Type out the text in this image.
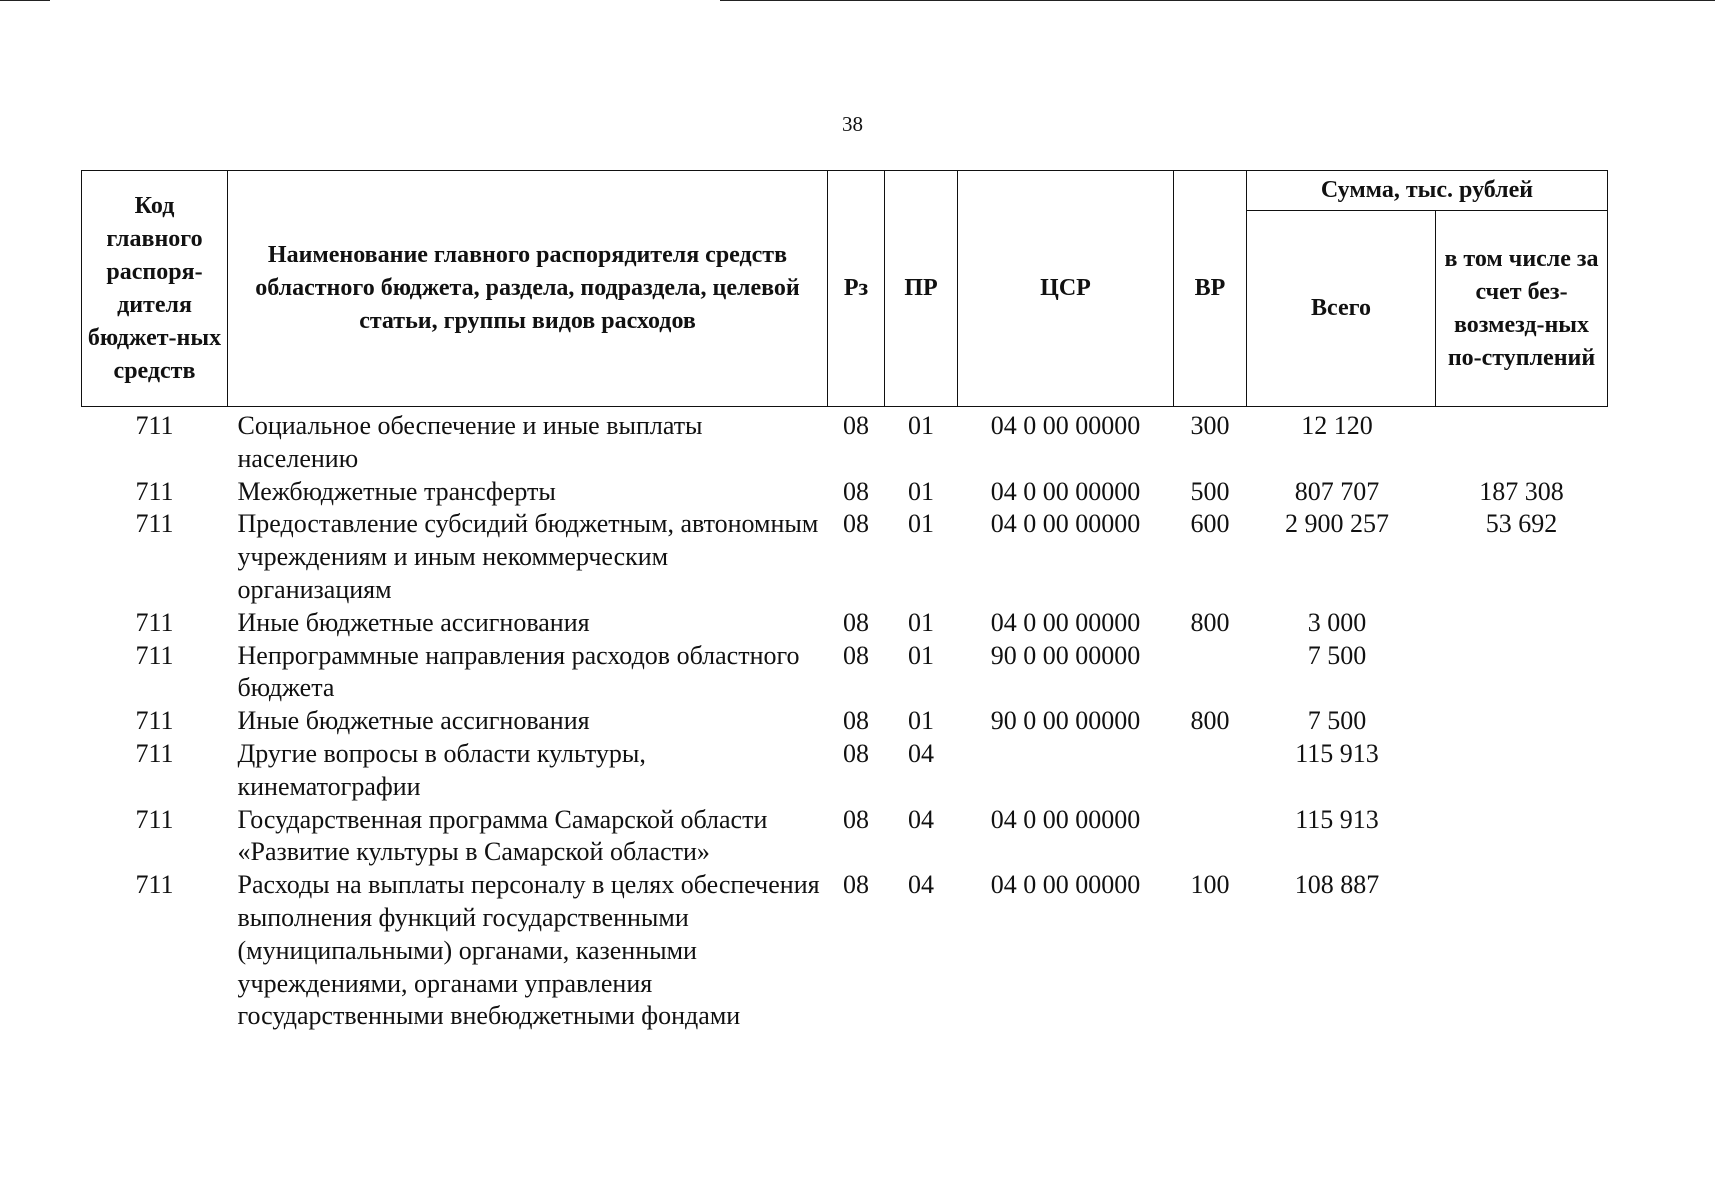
38
Код главного распоря-дителя бюджет-ных средств	Наименование главного распорядителя средств областного бюджета, раздела, подраздела, целевой статьи, группы видов расходов	Рз	ПР	ЦСР	ВР	Сумма, тыс. рублей	
						Всего	в том числе за счет без-возмезд-ных по-ступлений
711	Социальное обеспечение и иные выплаты населению	08	01	04 0 00 00000	300	12 120	
711	Межбюджетные трансферты	08	01	04 0 00 00000	500	807 707	187 308
711	Предоставление субсидий бюджетным, автономным учреждениям и иным некоммерческим организациям	08	01	04 0 00 00000	600	2 900 257	53 692
711	Иные бюджетные ассигнования	08	01	04 0 00 00000	800	3 000	
711	Непрограммные направления расходов областного бюджета	08	01	90 0 00 00000		7 500	
711	Иные бюджетные ассигнования	08	01	90 0 00 00000	800	7 500	
711	Другие вопросы в области культуры, кинематографии	08	04			115 913	
711	Государственная программа Самарской области «Развитие культуры в Самарской области»	08	04	04 0 00 00000		115 913	
711	Расходы на выплаты персоналу в целях обеспечения выполнения функций государственными (муниципальными) органами, казенными учреждениями, органами управления государственными внебюджетными фондами	08	04	04 0 00 00000	100	108 887	
